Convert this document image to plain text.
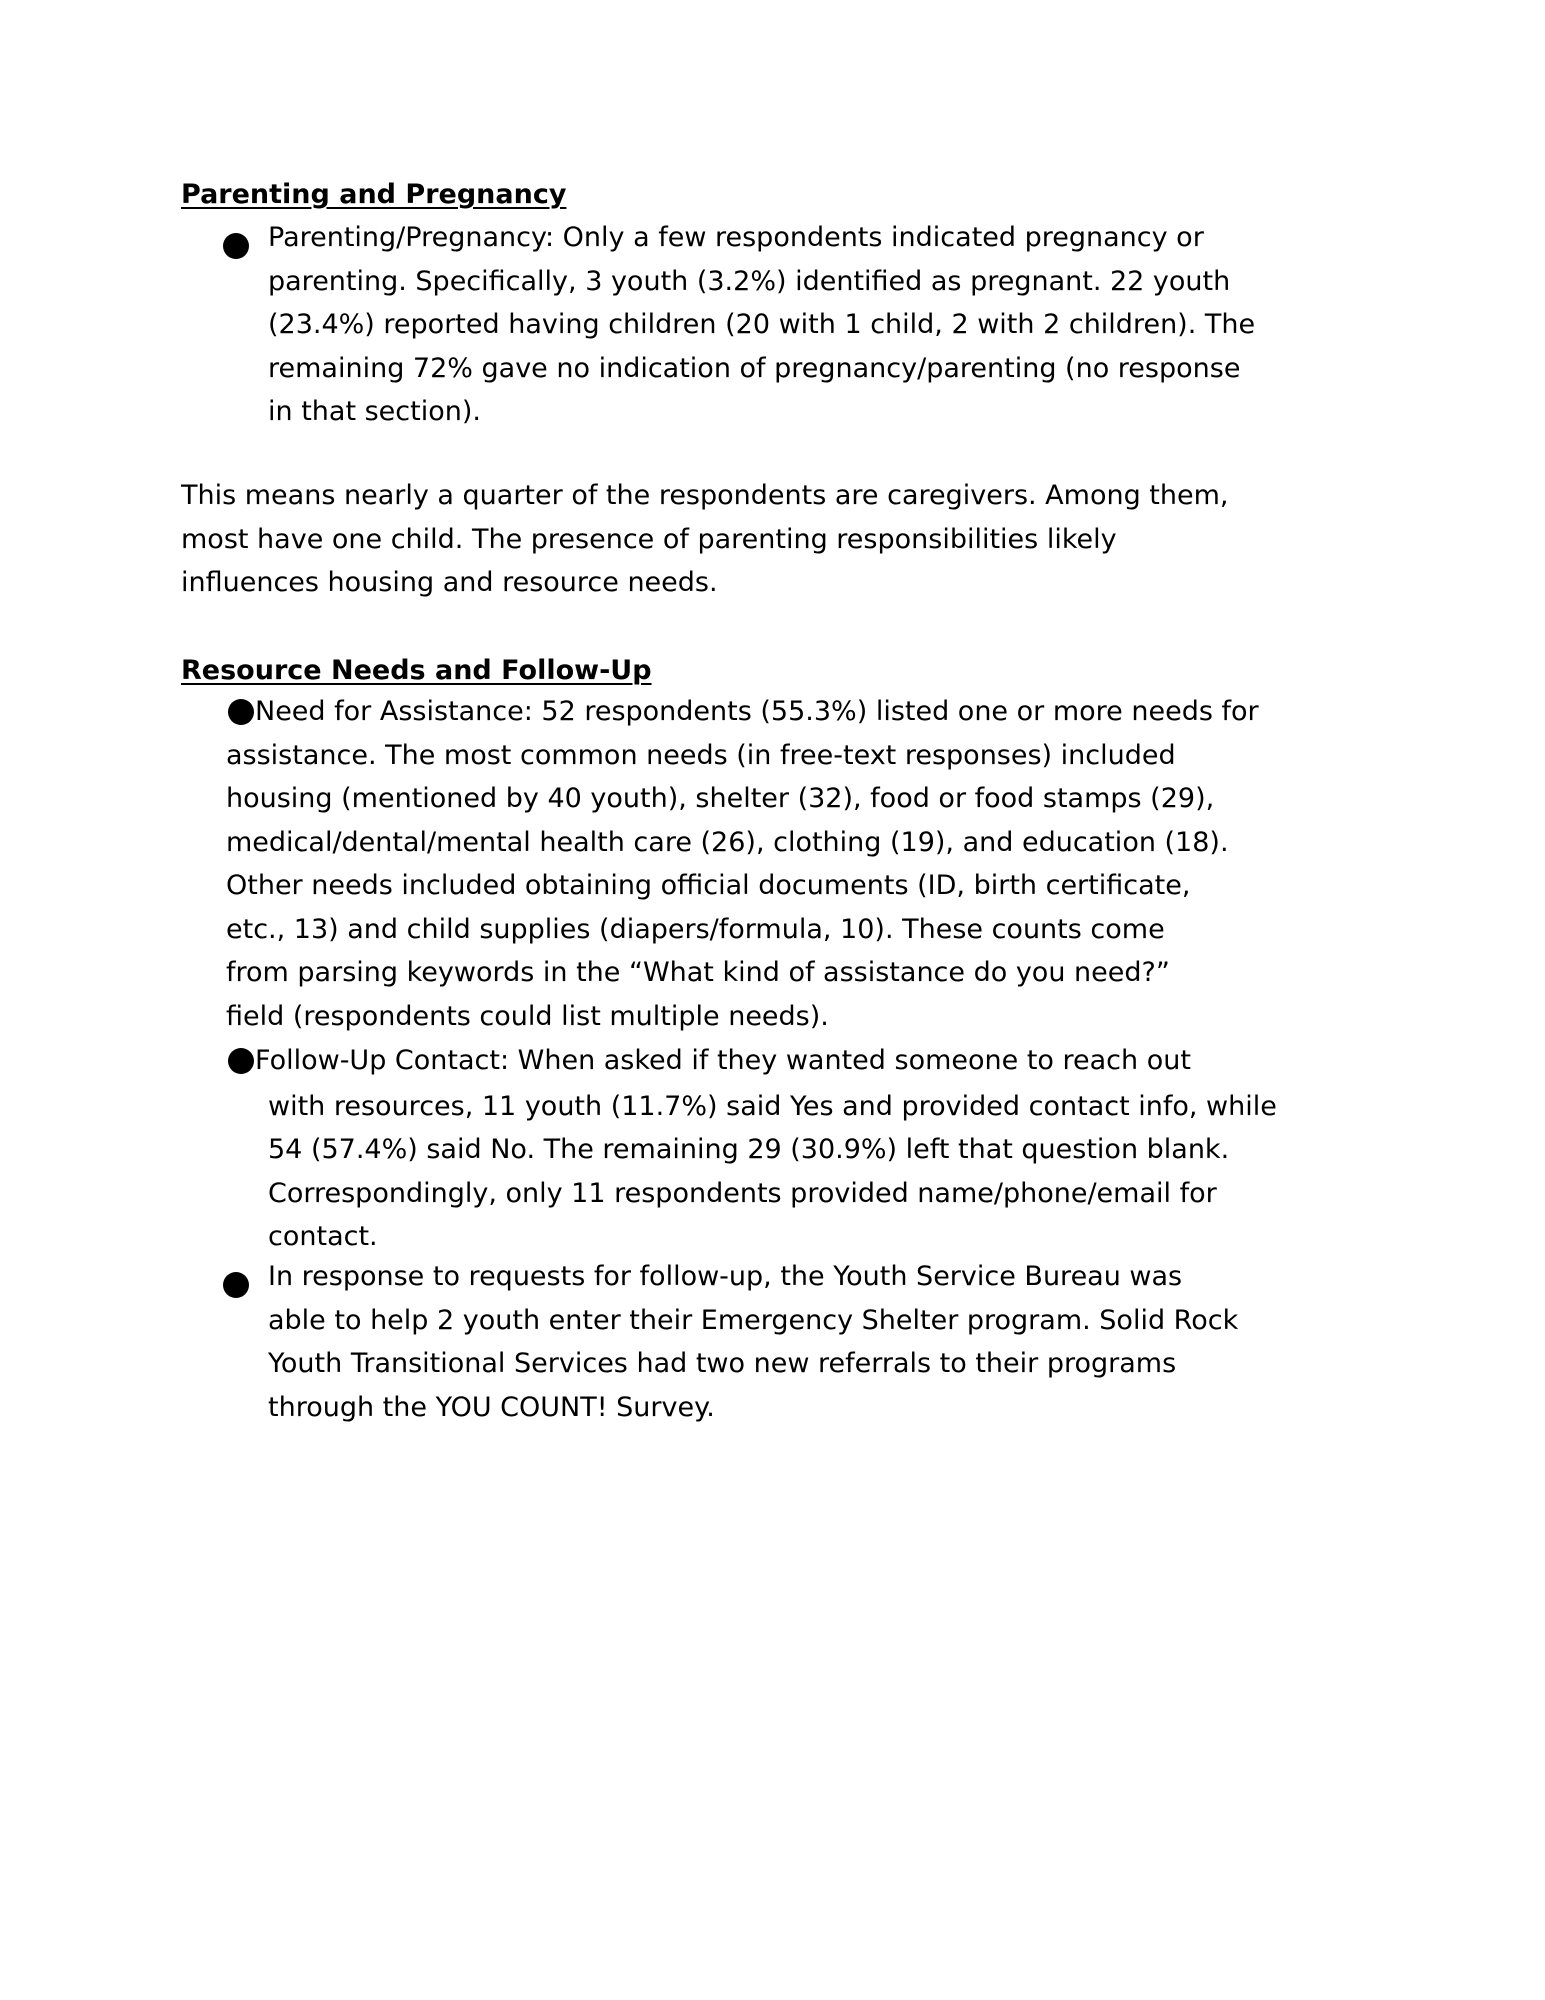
Parenting and Pregnancy
Parenting/Pregnancy: Only a few respondents indicated pregnancy or
parenting. Specifically, 3 youth (3.2%) identified as pregnant. 22 youth
(23.4%) reported having children (20 with 1 child, 2 with 2 children). The
remaining 72% gave no indication of pregnancy/parenting (no response
in that section).
This means nearly a quarter of the respondents are caregivers. Among them,
most have one child. The presence of parenting responsibilities likely
influences housing and resource needs.
Resource Needs and Follow-Up
Need for Assistance: 52 respondents (55.3%) listed one or more needs for
assistance. The most common needs (in free-text responses) included
housing (mentioned by 40 youth), shelter (32), food or food stamps (29),
medical/dental/mental health care (26), clothing (19), and education (18).
Other needs included obtaining official documents (ID, birth certificate,
etc., 13) and child supplies (diapers/formula, 10). These counts come
from parsing keywords in the “What kind of assistance do you need?”
field (respondents could list multiple needs).
Follow-Up Contact: When asked if they wanted someone to reach out
with resources, 11 youth (11.7%) said Yes and provided contact info, while
54 (57.4%) said No. The remaining 29 (30.9%) left that question blank.
Correspondingly, only 11 respondents provided name/phone/email for
contact.
In response to requests for follow-up, the Youth Service Bureau was
able to help 2 youth enter their Emergency Shelter program. Solid Rock
Youth Transitional Services had two new referrals to their programs
through the YOU COUNT! Survey.
